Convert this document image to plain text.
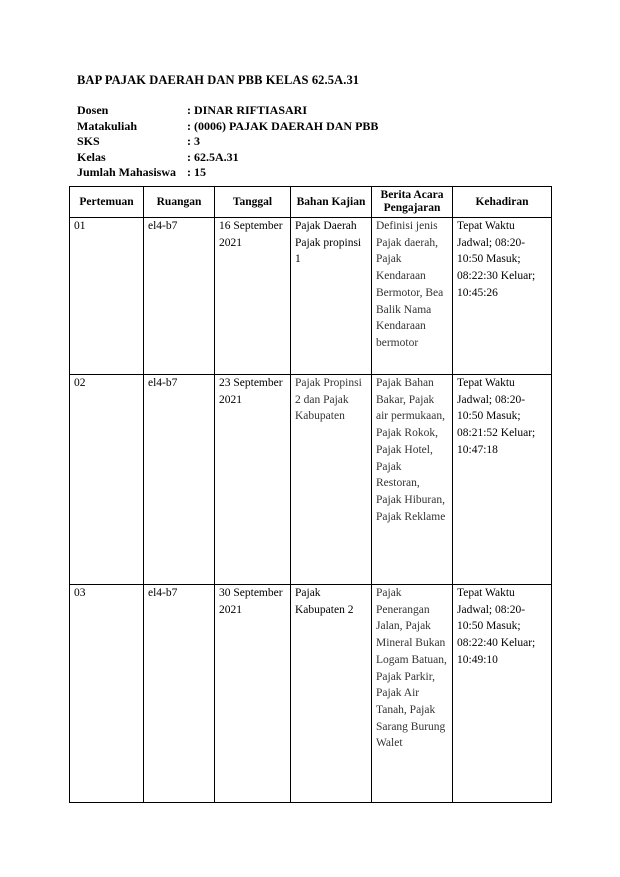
BAP PAJAK DAERAH DAN PBB KELAS 62.5A.31
Dosen	: DINAR RIFTIASARI
Matakuliah	: (0006) PAJAK DAERAH DAN PBB
SKS	: 3
Kelas	: 62.5A.31
Jumlah Mahasiswa : 15
Pertemuan	Ruangan	Tanggal	Bahan Kajian	Berita Acara Pengajaran	Kehadiran

01	el4-b7	16 September 2021	Pajak Daerah Pajak propinsi 1	Definisi jenis Pajak daerah, Pajak Kendaraan Bermotor, Bea Balik Nama Kendaraan bermotor	Tepat Waktu Jadwal; 08:20-10:50 Masuk; 08:22:30 Keluar; 10:45:26
02	el4-b7	23 September 2021	Pajak Propinsi 2 dan Pajak Kabupaten	Pajak Bahan Bakar, Pajak air permukaan, Pajak Rokok, Pajak Hotel, Pajak Restoran, Pajak Hiburan, Pajak Reklame	Tepat Waktu Jadwal; 08:20-10:50 Masuk; 08:21:52 Keluar; 10:47:18
03	el4-b7	30 September 2021	Pajak Kabupaten 2	Pajak Penerangan Jalan, Pajak Mineral Bukan Logam Batuan, Pajak Parkir, Pajak Air Tanah, Pajak Sarang Burung Walet	Tepat Waktu Jadwal; 08:20-10:50 Masuk; 08:22:40 Keluar; 10:49:10
